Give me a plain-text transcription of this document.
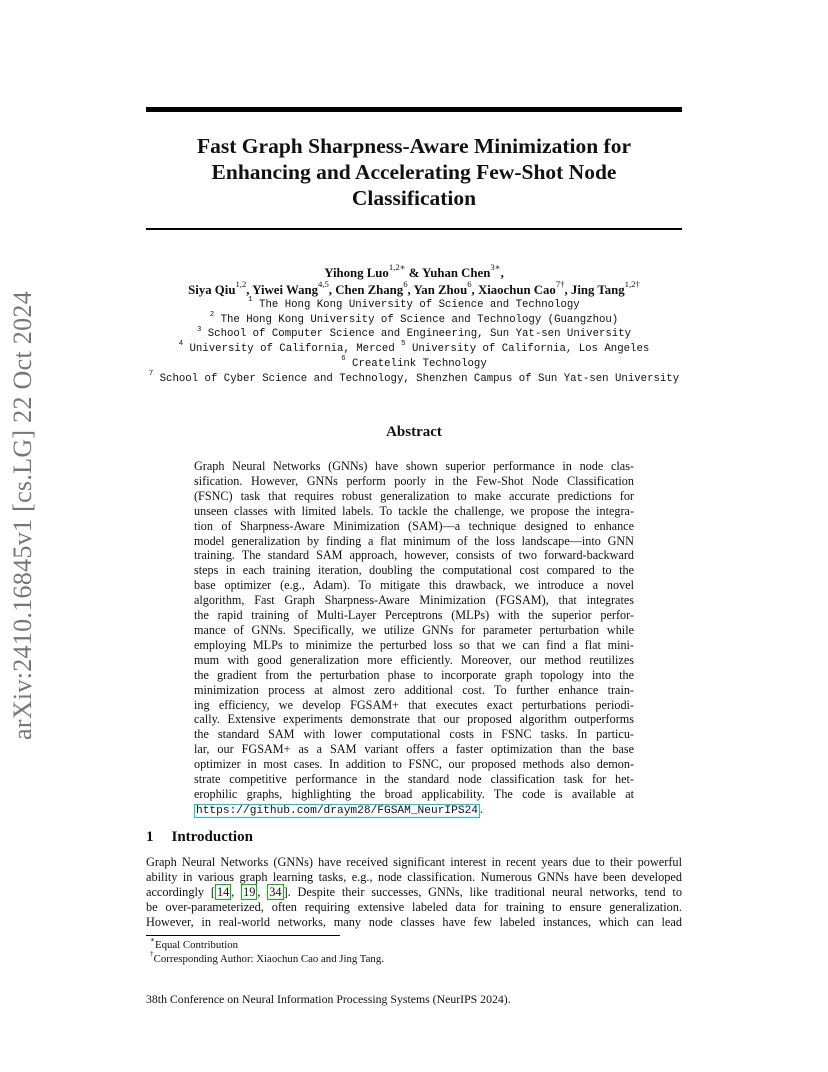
arXiv:2410.16845v1 [cs.LG] 22 Oct 2024
Fast Graph Sharpness-Aware Minimization for
Enhancing and Accelerating Few-Shot Node
Classification
Yihong Luo$^{1,2∗}$ & Yuhan Chen$^{3∗}$,
Siya Qiu$^{1,2}$, Yiwei Wang$^{4,5}$, Chen Zhang$^6$, Yan Zhou$^6$, Xiaochun Cao$^{7\dagger}$, Jing Tang$^{1,2\dagger}$
$^1$ The Hong Kong University of Science and Technology
$^2$ The Hong Kong University of Science and Technology (Guangzhou)
$^3$ School of Computer Science and Engineering, Sun Yat-sen University
$^4$ University of California, Merced $^5$ University of California, Los Angeles
$^6$ Createlink Technology
$^7$ School of Cyber Science and Technology, Shenzhen Campus of Sun Yat-sen University
Abstract
Graph Neural Networks (GNNs) have shown superior performance in node clas-
sification. However, GNNs perform poorly in the Few-Shot Node Classification
(FSNC) task that requires robust generalization to make accurate predictions for
unseen classes with limited labels. To tackle the challenge, we propose the integra-
tion of Sharpness-Aware Minimization (SAM)—a technique designed to enhance
model generalization by finding a flat minimum of the loss landscape—into GNN
training. The standard SAM approach, however, consists of two forward-backward
steps in each training iteration, doubling the computational cost compared to the
base optimizer (e.g., Adam). To mitigate this drawback, we introduce a novel
algorithm, Fast Graph Sharpness-Aware Minimization (FGSAM), that integrates
the rapid training of Multi-Layer Perceptrons (MLPs) with the superior perfor-
mance of GNNs. Specifically, we utilize GNNs for parameter perturbation while
employing MLPs to minimize the perturbed loss so that we can find a flat mini-
mum with good generalization more efficiently. Moreover, our method reutilizes
the gradient from the perturbation phase to incorporate graph topology into the
minimization process at almost zero additional cost. To further enhance train-
ing efficiency, we develop FGSAM+ that executes exact perturbations periodi-
cally. Extensive experiments demonstrate that our proposed algorithm outperforms
the standard SAM with lower computational costs in FSNC tasks. In particu-
lar, our FGSAM+ as a SAM variant offers a faster optimization than the base
optimizer in most cases. In addition to FSNC, our proposed methods also demon-
strate competitive performance in the standard node classification task for het-
erophilic graphs, highlighting the broad applicability. The code is available at
https://github.com/draym28/FGSAM_NeurIPS24 .
1 Introduction
Graph Neural Networks (GNNs) have received significant interest in recent years due to their powerful
ability in various graph learning tasks, e.g., node classification. Numerous GNNs have been developed
accordingly [ 14 , 19 , 34 ]. Despite their successes, GNNs, like traditional neural networks, tend to
be over-parameterized, often requiring extensive labeled data for training to ensure generalization.
However, in real-world networks, many node classes have few labeled instances, which can lead
∗Equal Contribution
†Corresponding Author: Xiaochun Cao and Jing Tang.
38th Conference on Neural Information Processing Systems (NeurIPS 2024).
